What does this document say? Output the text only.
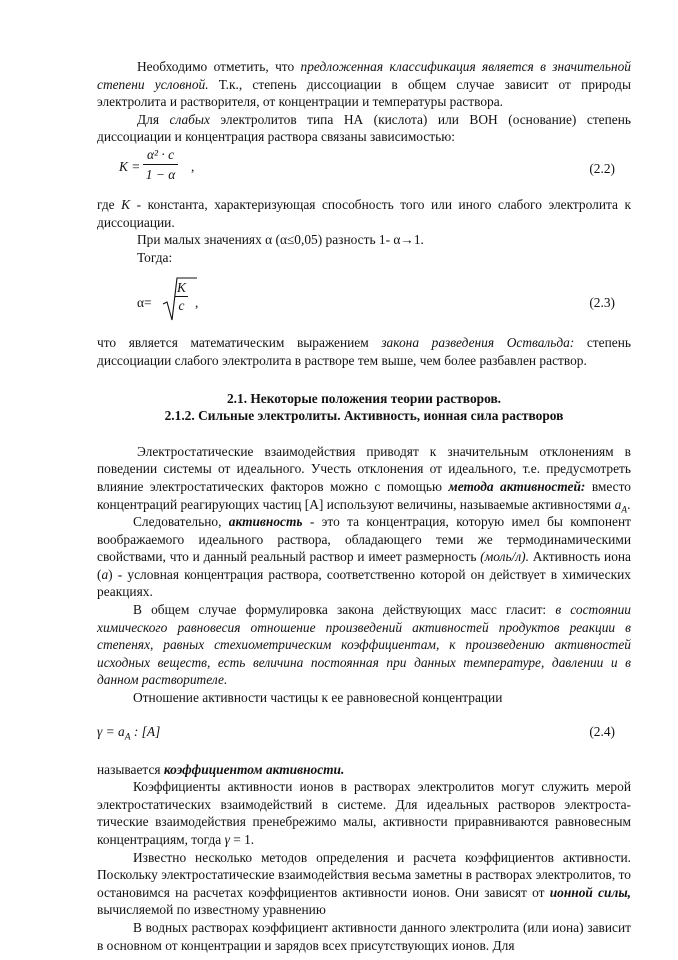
Необходимо отметить, что предложенная классификация является в значительной степени условной. Т.к., степень диссоциации в общем случае зависит от природы электролита и растворителя, от концентрации и температуры раствора.

Для слабых электролитов типа НА (кислота) или ВОН (основание) степень диссоциации и концентрация раствора связаны зависимостью:

$K = \frac{\text{α² · c}}{1 - \alpha}$ ,	(2.2)

где K - константа, характеризующая способность того или иного слабого электролита к диссоциации.

При малых значениях α (α≤0,05) разность 1- α→1.

Тогда:

$\alpha= \frac{K}{c}$ ,	(2.3)

что является математическим выражением закона разведения Оствальда: степень диссоциации слабого электролита в растворе тем выше, чем более разбавлен раствор.

2.1. Некоторые положения теории растворов.
2.1.2. Сильные электролиты. Активность, ионная сила растворов

Электростатические взаимодействия приводят к значительным отклонениям в поведении системы от идеального. Учесть отклонения от идеального, т.е. предусмотреть влияние электростатических факторов можно с помощью метода активностей: вместо концентраций реагирующих частиц [А] используют величины, называемые активностями $a_A$.

Следовательно, активность - это та концентрация, которую имел бы компонент воображаемого идеального раствора, обладающего теми же термодинамическими свойствами, что и данный реальный раствор и имеет размерность (моль/л). Активность иона (a) - условная концентрация раствора, соответственно которой он действует в химических реакциях.

В общем случае формулировка закона действующих масс гласит: в состоянии химического равновесия отношение произведений активностей продуктов реакции в степенях, равных стехиометрическим коэффициентам, к произведению активностей исходных веществ, есть величина постоянная при данных температуре, давлении и в данном растворителе.

Отношение активности частицы к ее равновесной концентрации

$\gamma = a_A$ : [A]	(2.4)

называется коэффициентом активности.

Коэффициенты активности ионов в растворах электролитов могут служить мерой электростатических взаимодействий в системе. Для идеальных растворов электроста-тические взаимодействия пренебрежимо малы, активности приравниваются равновесным концентрациям, тогда γ = 1.

Известно несколько методов определения и расчета коэффициентов активности. Поскольку электростатические взаимодействия весьма заметны в растворах электролитов, то остановимся на расчетах коэффициентов активности ионов. Они зависят от ионной силы, вычисляемой по известному уравнению

В водных растворах коэффициент активности данного электролита (или иона) зависит в основном от концентрации и зарядов всех присутствующих ионов. Для
